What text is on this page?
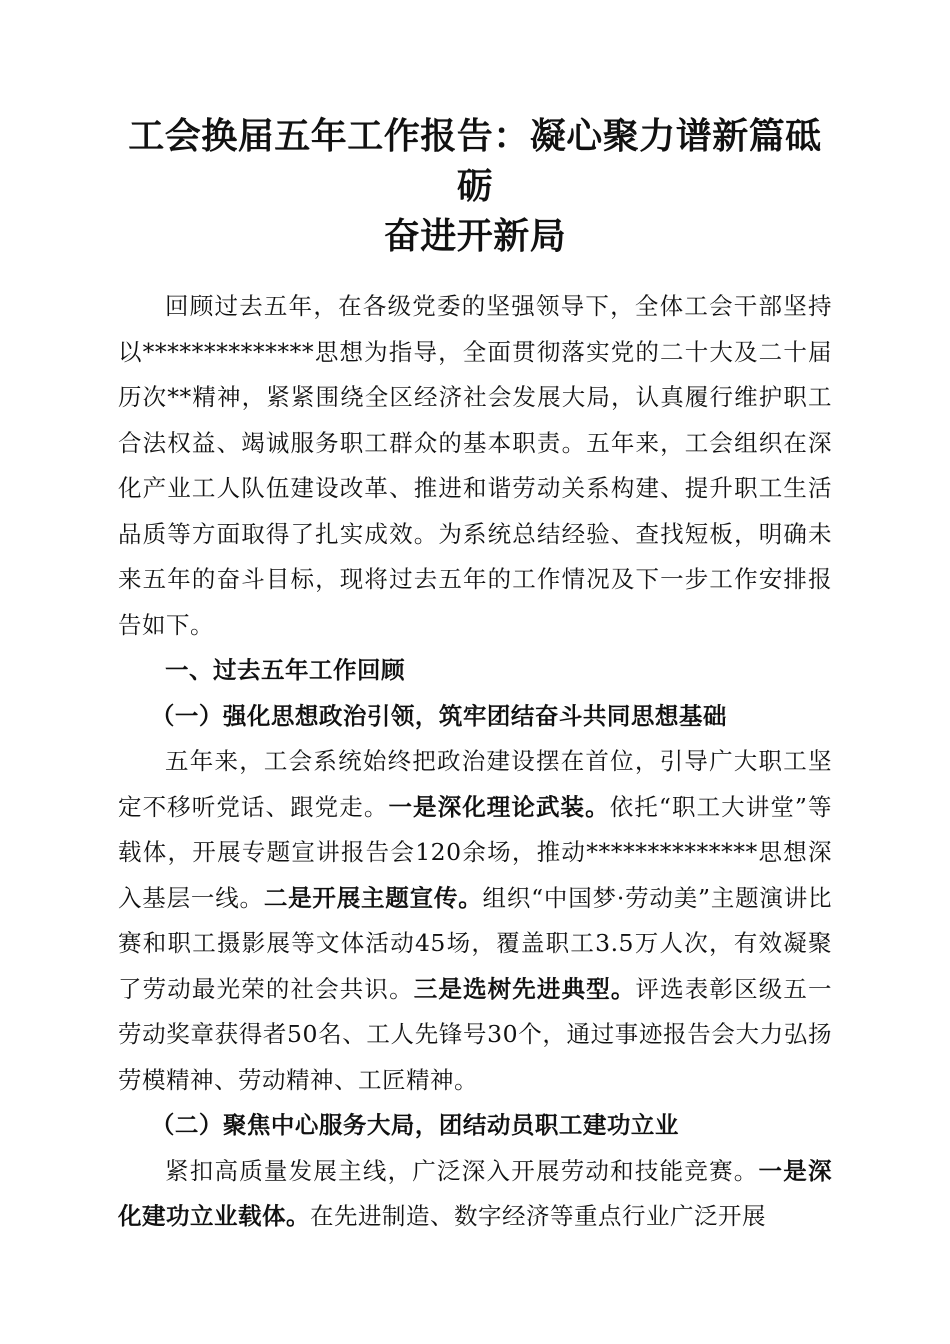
工会换届五年工作报告：凝心聚力谱新篇砥砺
奋进开新局

回顾过去五年，在各级党委的坚强领导下，全体工会干部坚持以**************思想为指导，全面贯彻落实党的二十大及二十届历次**精神，紧紧围绕全区经济社会发展大局，认真履行维护职工合法权益、竭诚服务职工群众的基本职责。五年来，工会组织在深化产业工人队伍建设改革、推进和谐劳动关系构建、提升职工生活品质等方面取得了扎实成效。为系统总结经验、查找短板，明确未来五年的奋斗目标，现将过去五年的工作情况及下一步工作安排报告如下。

一、过去五年工作回顾

（一）强化思想政治引领，筑牢团结奋斗共同思想基础

五年来，工会系统始终把政治建设摆在首位，引导广大职工坚定不移听党话、跟党走。一是深化理论武装。依托“职工大讲堂”等载体，开展专题宣讲报告会120余场，推动**************思想深入基层一线。二是开展主题宣传。组织“中国梦·劳动美”主题演讲比赛和职工摄影展等文体活动45场，覆盖职工3.5万人次，有效凝聚了劳动最光荣的社会共识。三是选树先进典型。评选表彰区级五一劳动奖章获得者50名、工人先锋号30个，通过事迹报告会大力弘扬劳模精神、劳动精神、工匠精神。

（二）聚焦中心服务大局，团结动员职工建功立业

紧扣高质量发展主线，广泛深入开展劳动和技能竞赛。一是深化建功立业载体。在先进制造、数字经济等重点行业广泛开展
